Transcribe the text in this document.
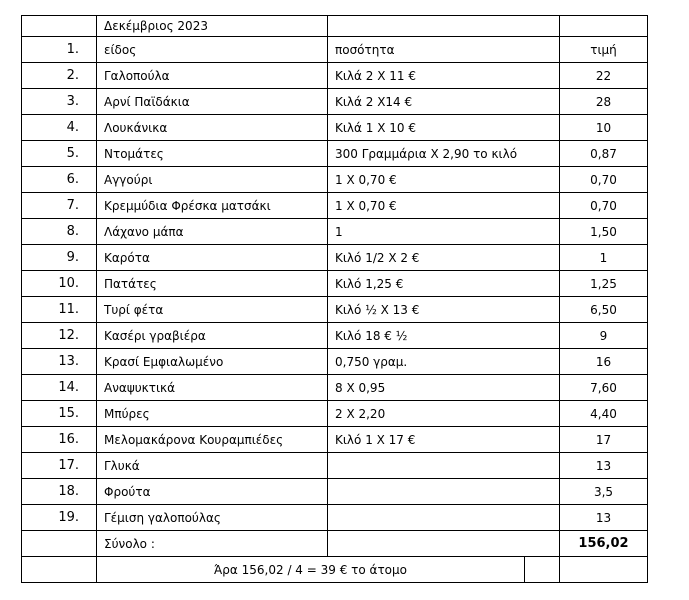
	Δεκέμβριος 2023			
1.	είδος	ποσότητα		τιμή
2.	Γαλοπούλα	Κιλά 2 Χ 11 €		22
3.	Αρνί Παϊδάκια	Κιλά 2 Χ14 €		28
4.	Λουκάνικα	Κιλά 1 Χ 10 €		10
5.	Ντομάτες	300 Γραμμάρια Χ 2,90 το κιλό		0,87
6.	Αγγούρι	1 Χ 0,70 €		0,70
7.	Κρεμμύδια Φρέσκα ματσάκι	1 Χ 0,70 €		0,70
8.	Λάχανο μάπα	1		1,50
9.	Καρότα	Κιλό 1/2 Χ 2 €		1
10.	Πατάτες	Κιλό 1,25 €		1,25
11.	Τυρί φέτα	Κιλό ½ Χ 13 €		6,50
12.	Κασέρι γραβιέρα	Κιλό 18 € ½		9
13.	Κρασί Εμφιαλωμένο	0,750 γραμ.		16
14.	Αναψυκτικά	8 Χ 0,95		7,60
15.	Μπύρες	2 Χ 2,20		4,40
16.	Μελομακάρονα Κουραμπιέδες	Κιλό 1 Χ 17 €		17
17.	Γλυκά			13
18.	Φρούτα			3,5
19.	Γέμιση γαλοπούλας			13
	Σύνολο :			156,02
	Άρα 156,02 / 4 = 39 € το άτομο			
